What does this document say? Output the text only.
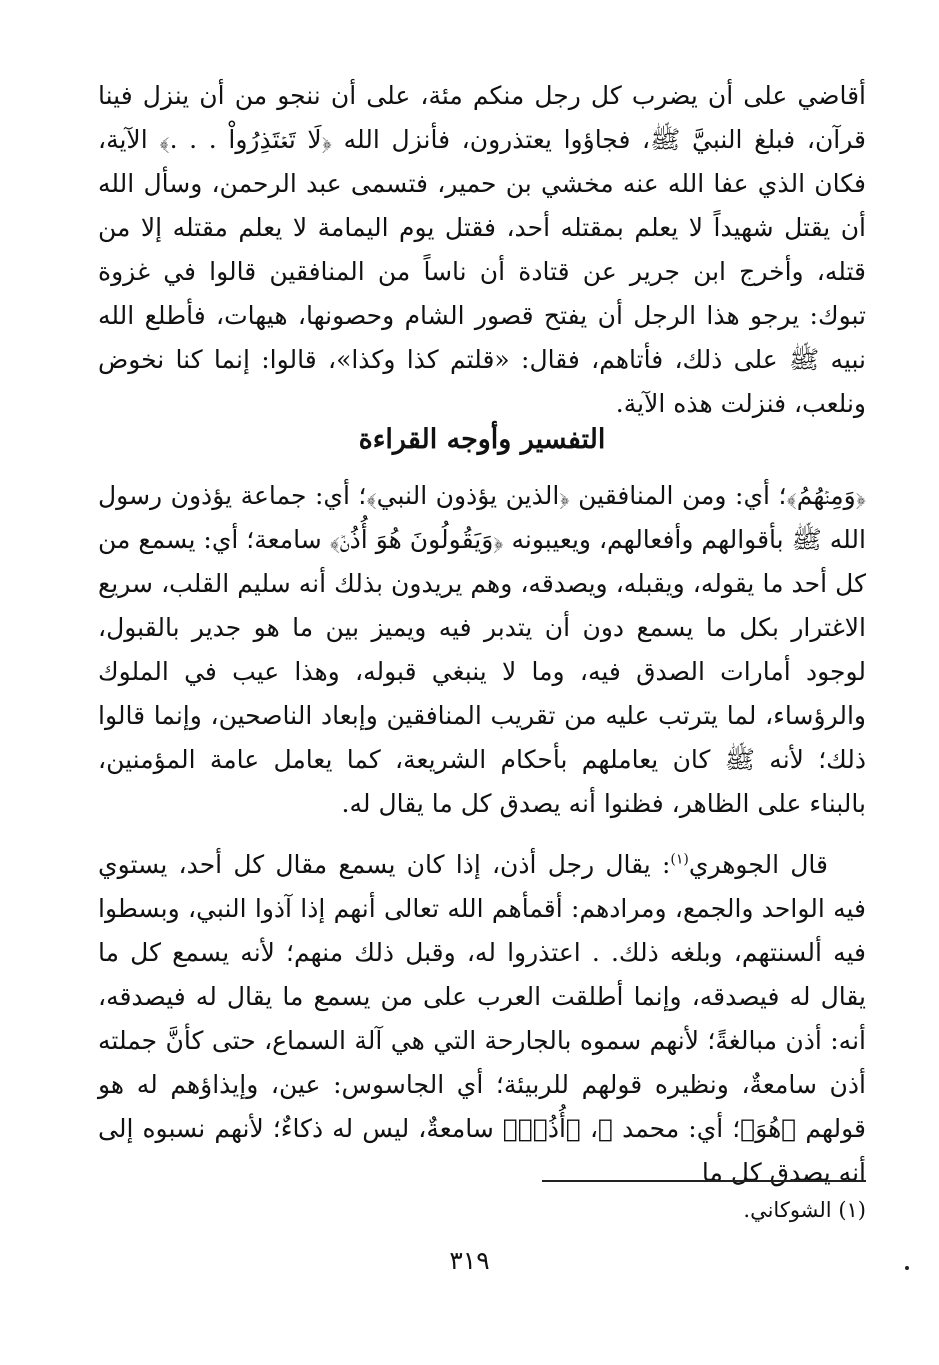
أقاضي على أن يضرب كل رجل منكم مئة، على أن ننجو من أن ينزل فينا قرآن، فبلغ النبيَّ ﷺ، فجاؤوا يعتذرون، فأنزل الله ﴿لَا تَعۡتَذِرُواْ . . .﴾ الآية، فكان الذي عفا الله عنه مخشي بن حمير، فتسمى عبد الرحمن، وسأل الله أن يقتل شهيداً لا يعلم بمقتله أحد، فقتل يوم اليمامة لا يعلم مقتله إلا من قتله، وأخرج ابن جرير عن قتادة أن ناساً من المنافقين قالوا في غزوة تبوك: يرجو هذا الرجل أن يفتح قصور الشام وحصونها، هيهات، فأطلع الله نبيه ﷺ على ذلك، فأتاهم، فقال: «قلتم كذا وكذا»، قالوا: إنما كنا نخوض ونلعب، فنزلت هذه الآية.

التفسير وأوجه القراءة

﴿وَمِنۡهُمُ﴾؛ أي: ومن المنافقين ﴿الذين يؤذون النبي﴾؛ أي: جماعة يؤذون رسول الله ﷺ بأقوالهم وأفعالهم، ويعيبونه ﴿وَيَقُولُونَ هُوَ أُذُنٞ﴾ سامعة؛ أي: يسمع من كل أحد ما يقوله، ويقبله، ويصدقه، وهم يريدون بذلك أنه سليم القلب، سريع الاغترار بكل ما يسمع دون أن يتدبر فيه ويميز بين ما هو جدير بالقبول، لوجود أمارات الصدق فيه، وما لا ينبغي قبوله، وهذا عيب في الملوك والرؤساء، لما يترتب عليه من تقريب المنافقين وإبعاد الناصحين، وإنما قالوا ذلك؛ لأنه ﷺ كان يعاملهم بأحكام الشريعة، كما يعامل عامة المؤمنين، بالبناء على الظاهر، فظنوا أنه يصدق كل ما يقال له.

قال الجوهري$^{(١)}$: يقال رجل أذن، إذا كان يسمع مقال كل أحد، يستوي فيه الواحد والجمع، ومرادهم: أقمأهم الله تعالى أنهم إذا آذوا النبي، وبسطوا فيه ألسنتهم، وبلغه ذلك. . اعتذروا له، وقبل ذلك منهم؛ لأنه يسمع كل ما يقال له فيصدقه، وإنما أطلقت العرب على من يسمع ما يقال له فيصدقه، أنه: أذن مبالغةً؛ لأنهم سموه بالجارحة التي هي آلة السماع، حتى كأنَّ جملته أذن سامعةٌ، ونظيره قولهم للربيئة؛ أي الجاسوس: عين، وإيذاؤهم له هو قولهم ﴿هُوَ﴾؛ أي: محمد ﷺ، ﴿أُذُنٞ﴾ سامعةٌ، ليس له ذكاءٌ؛ لأنهم نسبوه إلى أنه يصدق كل ما

(١) الشوكاني.

٣١٩
